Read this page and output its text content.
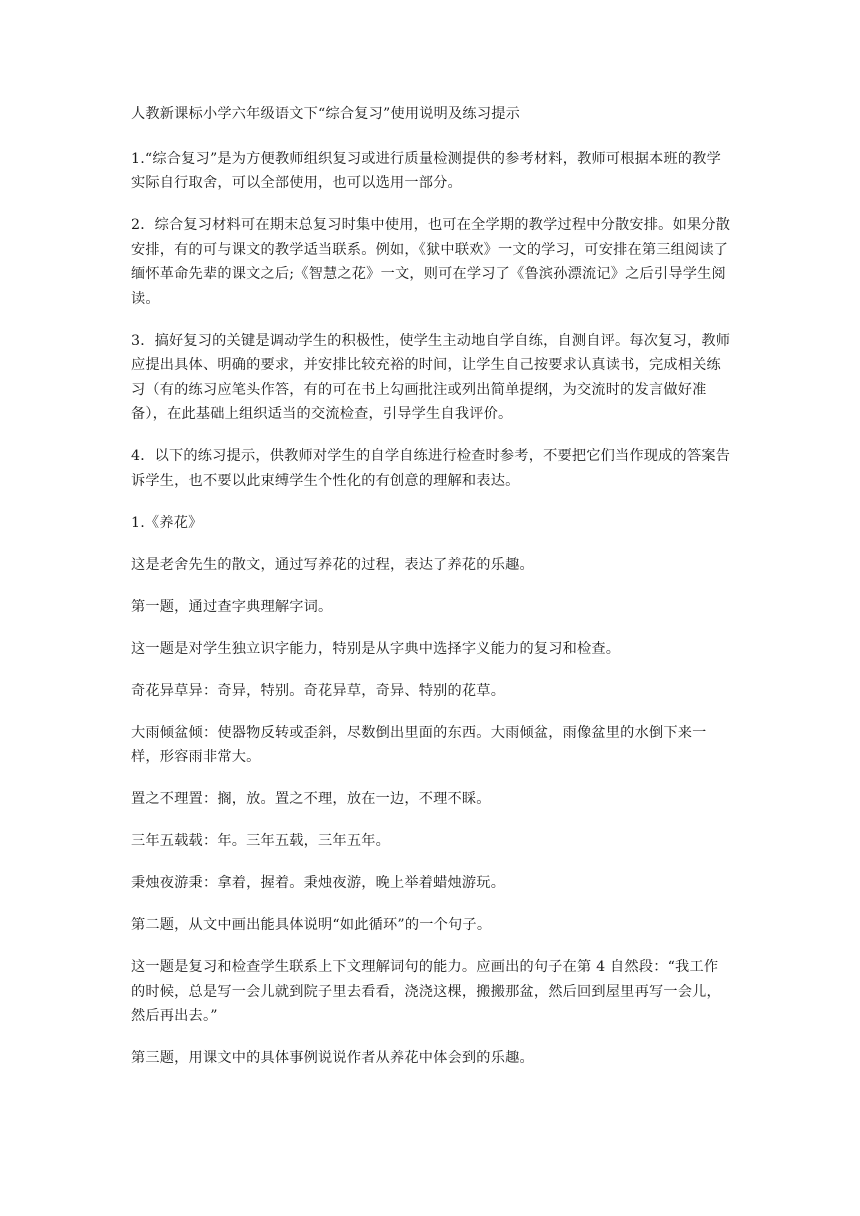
人教新课标小学六年级语文下“综合复习”使用说明及练习提示

1.“综合复习”是为方便教师组织复习或进行质量检测提供的参考材料，教师可根据本班的教学实际自行取舍，可以全部使用，也可以选用一部分。

2．综合复习材料可在期末总复习时集中使用，也可在全学期的教学过程中分散安排。如果分散安排，有的可与课文的教学适当联系。例如，《狱中联欢》一文的学习，可安排在第三组阅读了缅怀革命先辈的课文之后;《智慧之花》一文，则可在学习了《鲁滨孙漂流记》之后引导学生阅读。

3．搞好复习的关键是调动学生的积极性，使学生主动地自学自练，自测自评。每次复习，教师应提出具体、明确的要求，并安排比较充裕的时间，让学生自己按要求认真读书，完成相关练习（有的练习应笔头作答，有的可在书上勾画批注或列出简单提纲，为交流时的发言做好准备），在此基础上组织适当的交流检查，引导学生自我评价。

4．以下的练习提示，供教师对学生的自学自练进行检查时参考，不要把它们当作现成的答案告诉学生，也不要以此束缚学生个性化的有创意的理解和表达。

1.《养花》

这是老舍先生的散文，通过写养花的过程，表达了养花的乐趣。

第一题，通过查字典理解字词。

这一题是对学生独立识字能力，特别是从字典中选择字义能力的复习和检查。

奇花异草异：奇异，特别。奇花异草，奇异、特别的花草。

大雨倾盆倾：使器物反转或歪斜，尽数倒出里面的东西。大雨倾盆，雨像盆里的水倒下来一样，形容雨非常大。

置之不理置：搁，放。置之不理，放在一边，不理不睬。

三年五载载：年。三年五载，三年五年。

秉烛夜游秉：拿着，握着。秉烛夜游，晚上举着蜡烛游玩。

第二题，从文中画出能具体说明“如此循环”的一个句子。

这一题是复习和检查学生联系上下文理解词句的能力。应画出的句子在第 4 自然段：“我工作的时候，总是写一会儿就到院子里去看看，浇浇这棵，搬搬那盆，然后回到屋里再写一会儿，然后再出去。”

第三题，用课文中的具体事例说说作者从养花中体会到的乐趣。
